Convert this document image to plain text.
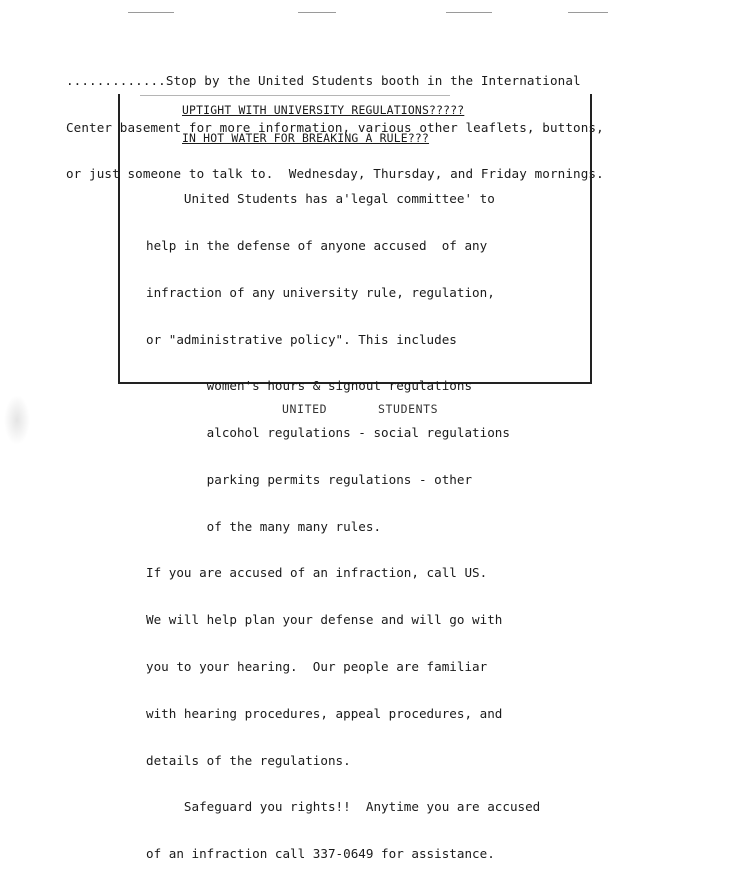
.............Stop by the United Students booth in the International

Center basement for more information, various other leaflets, buttons,

or just someone to talk to.  Wednesday, Thursday, and Friday mornings.

UPTIGHT WITH UNIVERSITY REGULATIONS?????
IN HOT WATER FOR BREAKING A RULE???

United Students has a'legal committee' to

help in the defense of anyone accused  of any

infraction of any university rule, regulation,

or "administrative policy". This includes

women's hours & signout regulations

alcohol regulations - social regulations

parking permits regulations - other

of the many many rules.

If you are accused of an infraction, call US.

We will help plan your defense and will go with

you to your hearing.  Our people are familiar

with hearing procedures, appeal procedures, and

details of the regulations.

Safeguard you rights!!  Anytime you are accused

of an infraction call 337-0649 for assistance.

UNITED	STUDENTS
